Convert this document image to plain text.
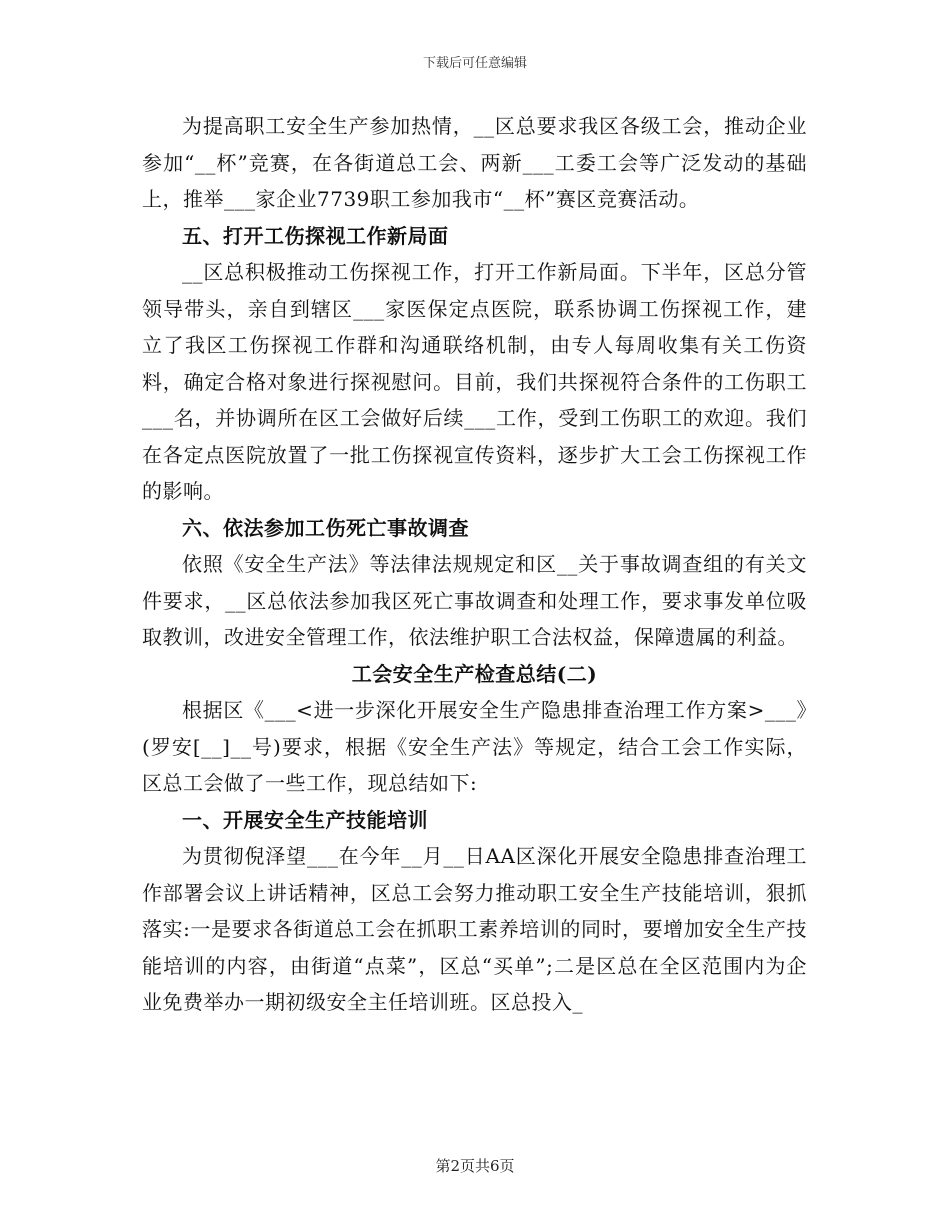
下载后可任意编辑

为提高职工安全生产参加热情，__区总要求我区各级工会，推动企业参加“__杯”竞赛，在各街道总工会、两新___工委工会等广泛发动的基础上，推举___家企业7739职工参加我市“__杯”赛区竞赛活动。

五、打开工伤探视工作新局面

__区总积极推动工伤探视工作，打开工作新局面。下半年，区总分管领导带头，亲自到辖区___家医保定点医院，联系协调工伤探视工作，建立了我区工伤探视工作群和沟通联络机制，由专人每周收集有关工伤资料，确定合格对象进行探视慰问。目前，我们共探视符合条件的工伤职工___名，并协调所在区工会做好后续___工作，受到工伤职工的欢迎。我们在各定点医院放置了一批工伤探视宣传资料，逐步扩大工会工伤探视工作的影响。

六、依法参加工伤死亡事故调查

依照《安全生产法》等法律法规规定和区__关于事故调查组的有关文件要求，__区总依法参加我区死亡事故调查和处理工作，要求事发单位吸取教训，改进安全管理工作，依法维护职工合法权益，保障遗属的利益。

工会安全生产检查总结(二)

根据区《___<进一步深化开展安全生产隐患排查治理工作方案>___》(罗安[__]__号)要求，根据《安全生产法》等规定，结合工会工作实际，区总工会做了一些工作，现总结如下:

一、开展安全生产技能培训

为贯彻倪泽望___在今年__月__日AA区深化开展安全隐患排查治理工作部署会议上讲话精神，区总工会努力推动职工安全生产技能培训，狠抓落实:一是要求各街道总工会在抓职工素养培训的同时，要增加安全生产技能培训的内容，由街道“点菜”，区总“买单”;二是区总在全区范围内为企业免费举办一期初级安全主任培训班。区总投入_

第2页共6页
